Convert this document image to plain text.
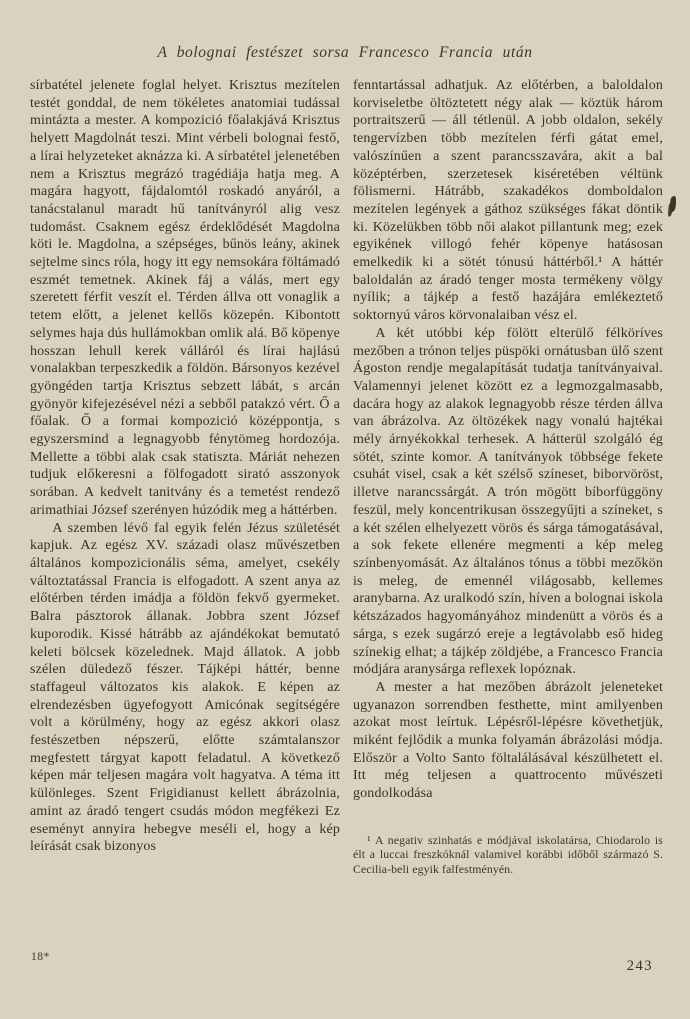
A bolognai festészet sorsa Francesco Francia után

sírbatétel jelenete foglal helyet. Krisztus mezítelen testét gonddal, de nem tökéletes anatomiai tudással mintázta a mester. A kompozició főalakjává Krisztus helyett Magdolnát teszi. Mint vérbeli bolognai festő, a lírai helyzeteket aknázza ki. A sírbatétel jelenetében nem a Krisztus megrázó tragédiája hatja meg. A magára hagyott, fájdalomtól roskadó anyáról, a tanácstalanul maradt hű tanítványról alig vesz tudomást. Csaknem egész érdeklődését Magdolna köti le. Magdolna, a szépséges, bűnös leány, akinek sejtelme sincs róla, hogy itt egy nemsokára föltámadó eszmét temetnek. Akinek fáj a válás, mert egy szeretett férfit veszít el. Térden állva ott vonaglik a tetem előtt, a jelenet kellős közepén. Kibontott selymes haja dús hullámokban omlik alá. Bő köpenye hosszan lehull kerek válláról és lírai hajlású vonalakban terpeszkedik a földön. Bársonyos kezével gyöngéden tartja Krisztus sebzett lábát, s arcán gyönyör kifejezésével nézi a sebből patakzó vért. Ő a főalak. Ő a formai kompozició középpontja, s egyszersmind a legnagyobb fénytömeg hordozója. Mellette a többi alak csak statiszta. Máriát nehezen tudjuk előkeresni a fölfogadott sirató asszonyok sorában. A kedvelt tanitvány és a temetést rendező arimathiai József szerényen húzódik meg a háttérben.

A szemben lévő fal egyik felén Jézus születését kapjuk. Az egész XV. századi olasz művészetben általános kompozicionális séma, amelyet, csekély változtatással Francia is elfogadott. A szent anya az előtérben térden imádja a földön fekvő gyermeket. Balra pásztorok állanak. Jobbra szent József kuporodik. Kissé hátrább az ajándékokat bemutató keleti bölcsek közelednek. Majd állatok. A jobb szélen düledező fészer. Tájképi háttér, benne staffageul változatos kis alakok. E képen az elrendezésben ügyefogyott Amicónak segítségére volt a körülmény, hogy az egész akkori olasz festészetben népszerű, előtte számtalanszor megfestett tárgyat kapott feladatul. A következő képen már teljesen magára volt hagyatva. A téma itt különleges. Szent Frigidianust kellett ábrázolnia, amint az áradó tengert csudás módon megfékezi Ez eseményt annyira hebegve meséli el, hogy a kép leírását csak bizonyos

fenntartással adhatjuk. Az előtérben, a baloldalon korviseletbe öltöztetett négy alak — köztük három portraitszerű — áll tétlenül. A jobb oldalon, sekély tengervízben több mezítelen férfi gátat emel, valószínűen a szent parancsszavára, akit a bal középtérben, szerzetesek kiséretében véltünk fölismerni. Hátrább, szakadékos domboldalon mezítelen legények a gáthoz szükséges fákat döntik ki. Közelükben több női alakot pillantunk meg; ezek egyikének villogó fehér köpenye hatásosan emelkedik ki a sötét tónusú háttérből.¹ A háttér baloldalán az áradó tenger mosta termékeny völgy nyílik; a tájkép a festő hazájára emlékeztető soktornyú város körvonalaiban vész el.

A két utóbbi kép fölött elterülő félköríves mezőben a trónon teljes püspöki ornátusban ülő szent Ágoston rendje megalapítását tudatja tanítványaival. Valamennyi jelenet között ez a legmozgalmasabb, dacára hogy az alakok legnagyobb része térden állva van ábrázolva. Az öltözékek nagy vonalú hajtékai mély árnyékokkal terhesek. A hátterül szolgáló ég sötét, szinte komor. A tanítványok többsége fekete csuhát visel, csak a két szélső színeset, biborvöröst, illetve narancssárgát. A trón mögött bíborfüggöny feszül, mely koncentrikusan összegyűjti a színeket, s a két szélen elhelyezett vörös és sárga támogatásával, a sok fekete ellenére megmenti a kép meleg színbenyomását. Az általános tónus a többi mezőkön is meleg, de emennél világosabb, kellemes aranybarna. Az uralkodó szín, híven a bolognai iskola kétszázados hagyományához mindenütt a vörös és a sárga, s ezek sugárzó ereje a legtávolabb eső hideg színekig elhat; a tájkép zöldjébe, a Francesco Francia módjára aranysárga reflexek lopóznak.

A mester a hat mezőben ábrázolt jeleneteket ugyanazon sorrendben festhette, mint amilyenben azokat most leírtuk. Lépésről-lépésre követhetjük, miként fejlődik a munka folyamán ábrázolási módja. Először a Volto Santo föltalálásával készülhetett el. Itt még teljesen a quattrocento művészeti gondolkodása

¹ A negativ szinhatás e módjával iskolatársa, Chiodarolo is élt a luccai freszkóknál valamivel korábbi időből származó S. Cecilia-beli egyik falfestményén.

18*
243
